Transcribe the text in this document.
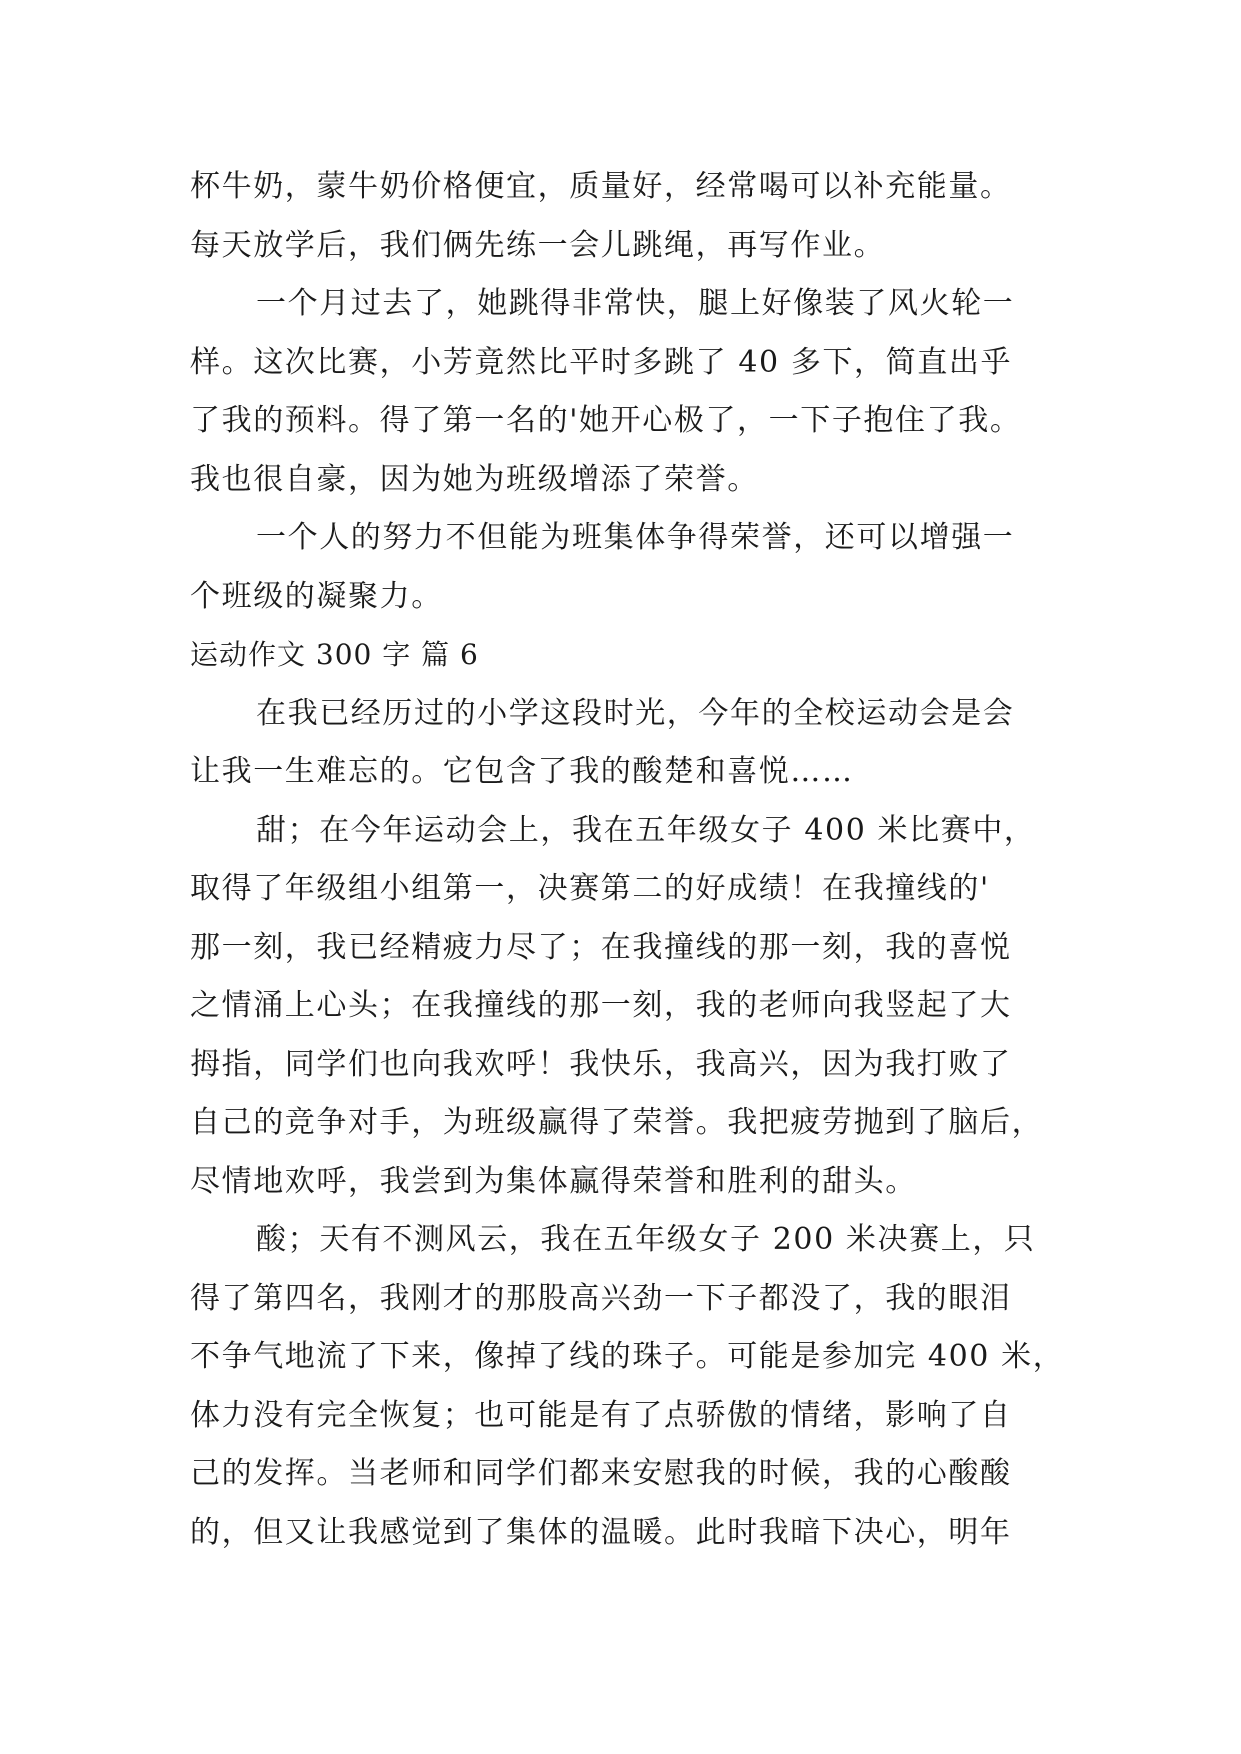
杯牛奶，蒙牛奶价格便宜，质量好，经常喝可以补充能量。
每天放学后，我们俩先练一会儿跳绳，再写作业。
一个月过去了，她跳得非常快，腿上好像装了风火轮一
样。这次比赛，小芳竟然比平时多跳了 40 多下，简直出乎
了我的预料。得了第一名的'她开心极了，一下子抱住了我。
我也很自豪，因为她为班级增添了荣誉。
一个人的努力不但能为班集体争得荣誉，还可以增强一
个班级的凝聚力。
运动作文 300 字 篇 6
在我已经历过的小学这段时光，今年的全校运动会是会
让我一生难忘的。它包含了我的酸楚和喜悦……
甜；在今年运动会上，我在五年级女子 400 米比赛中，
取得了年级组小组第一，决赛第二的好成绩！在我撞线的'
那一刻，我已经精疲力尽了；在我撞线的那一刻，我的喜悦
之情涌上心头；在我撞线的那一刻，我的老师向我竖起了大
拇指，同学们也向我欢呼！我快乐，我高兴，因为我打败了
自己的竞争对手，为班级赢得了荣誉。我把疲劳抛到了脑后，
尽情地欢呼，我尝到为集体赢得荣誉和胜利的甜头。
酸；天有不测风云，我在五年级女子 200 米决赛上，只
得了第四名，我刚才的那股高兴劲一下子都没了，我的眼泪
不争气地流了下来，像掉了线的珠子。可能是参加完 400 米，
体力没有完全恢复；也可能是有了点骄傲的情绪，影响了自
己的发挥。当老师和同学们都来安慰我的时候，我的心酸酸
的，但又让我感觉到了集体的温暖。此时我暗下决心，明年
